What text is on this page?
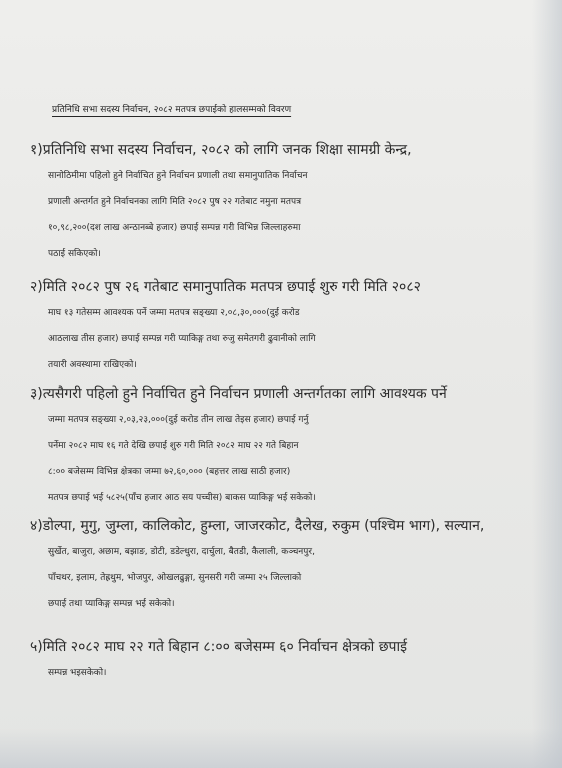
प्रतिनिधि सभा सदस्य निर्वाचन, २०८२ मतपत्र छपाईको हालसम्मको विवरण
१)प्रतिनिधि सभा सदस्य निर्वाचन, २०८२ को लागि जनक शिक्षा सामग्री केन्द्र,
सानोठिमीमा पहिलो हुने निर्वाचित हुने निर्वाचन प्रणाली तथा समानुपातिक निर्वाचन
प्रणाली अन्तर्गत हुने निर्वाचनका लागि मिति २०८२ पुष २२ गतेबाट नमुना मतपत्र
१०,९८,२००(दश लाख अन्ठानब्बे हजार) छपाई सम्पन्न गरी विभिन्न जिल्लाहरुमा
पठाई सकिएको।
२)मिति २०८२ पुष २६ गतेबाट समानुपातिक मतपत्र छपाई शुरु गरी मिति २०८२
माघ १३ गतेसम्म आवश्यक पर्ने जम्मा मतपत्र सङ्ख्या २,०८,३०,०००(दुई करोड
आठलाख तीस हजार) छपाई सम्पन्न गरी प्याकिङ्ग तथा रुजु समेतगरी ढुवानीको लागि
तयारी अवस्थामा राखिएको।
३)त्यसैगरी पहिलो हुने निर्वाचित हुने निर्वाचन प्रणाली अन्तर्गतका लागि आवश्यक पर्ने
जम्मा मतपत्र सङ्ख्या २,०३,२३,०००(दुई करोड तीन लाख तेइस हजार) छपाई गर्नु
पर्नेमा २०८२ माघ १६ गते देखि छपाई शुरु गरी मिति २०८२ माघ २२ गते बिहान
८:०० बजेसम्म विभिन्न क्षेत्रका जम्मा ७२,६०,००० (बहत्तर लाख साठी हजार)
मतपत्र छपाई भई ५८२५(पाँच हजार आठ सय पच्चीस) बाकस प्याकिङ्ग भई सकेको।
४)डोल्पा, मुगु, जुम्ला, कालिकोट, हुम्ला, जाजरकोट, दैलेख, रुकुम (पश्चिम भाग), सल्यान,
सुर्खेत, बाजुरा, अछाम, बझाङ, डोटी, डडेल्धुरा, दार्चुला, बैतडी, कैलाली, कञ्चनपुर,
पाँचथर, इलाम, तेह्रथुम, भोजपुर, ओखलढुङ्गा, सुनसरी गरी जम्मा २५ जिल्लाको
छपाई तथा प्याकिङ्ग सम्पन्न भई सकेको।
५)मिति २०८२ माघ २२ गते बिहान ८:०० बजेसम्म ६० निर्वाचन क्षेत्रको छपाई
सम्पन्न भइसकेको।
